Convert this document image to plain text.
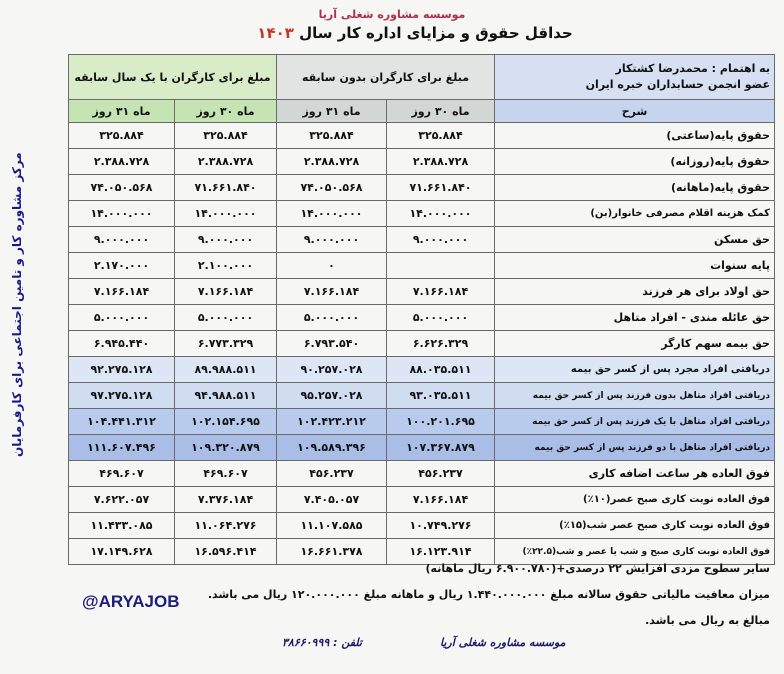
موسسه مشاوره شغلی آریا
حداقل حقوق و مزایای اداره کار سال ۱۴۰۳
مرکز مشاوره کار و تامین اجتماعی برای کارفرمایان
مبلغ برای کارگران با یک سال سابقه		مبلغ برای کارگران بدون سابقه		به اهتمام : محمدرضا کشتکار
عضو انجمن حسابداران خبره ایران

ماه ۳۱ روز	ماه ۳۰ روز	ماه ۳۱ روز	ماه ۳۰ روز	شرح
۳۲۵.۸۸۴	۳۲۵.۸۸۴	۳۲۵.۸۸۴	۳۲۵.۸۸۴	حقوق پایه(ساعتی)
۲.۳۸۸.۷۲۸	۲.۳۸۸.۷۲۸	۲.۳۸۸.۷۲۸	۲.۳۸۸.۷۲۸	حقوق پایه(روزانه)
۷۴.۰۵۰.۵۶۸	۷۱.۶۶۱.۸۴۰	۷۴.۰۵۰.۵۶۸	۷۱.۶۶۱.۸۴۰	حقوق پایه(ماهانه)
۱۴.۰۰۰.۰۰۰	۱۴.۰۰۰.۰۰۰	۱۴.۰۰۰.۰۰۰	۱۴.۰۰۰.۰۰۰	کمک هزینه اقلام مصرفی خانوار(بن)
۹.۰۰۰.۰۰۰	۹.۰۰۰.۰۰۰	۹.۰۰۰.۰۰۰	۹.۰۰۰.۰۰۰	حق مسکن
۲.۱۷۰.۰۰۰	۲.۱۰۰.۰۰۰	۰		پایه سنوات
۷.۱۶۶.۱۸۴	۷.۱۶۶.۱۸۴	۷.۱۶۶.۱۸۴	۷.۱۶۶.۱۸۴	حق اولاد برای هر فرزند
۵.۰۰۰.۰۰۰	۵.۰۰۰.۰۰۰	۵.۰۰۰.۰۰۰	۵.۰۰۰.۰۰۰	حق عائله مندی - افراد متاهل
۶.۹۴۵.۴۴۰	۶.۷۷۳.۳۲۹	۶.۷۹۳.۵۴۰	۶.۶۲۶.۳۲۹	حق بیمه سهم کارگر
۹۲.۲۷۵.۱۲۸	۸۹.۹۸۸.۵۱۱	۹۰.۲۵۷.۰۲۸	۸۸.۰۳۵.۵۱۱	دریافتی افراد مجرد پس از کسر حق بیمه
۹۷.۲۷۵.۱۲۸	۹۴.۹۸۸.۵۱۱	۹۵.۲۵۷.۰۲۸	۹۳.۰۳۵.۵۱۱	دریافتی افراد متاهل بدون فرزند پس از کسر حق بیمه
۱۰۴.۴۴۱.۳۱۲	۱۰۲.۱۵۴.۶۹۵	۱۰۲.۴۲۳.۲۱۲	۱۰۰.۲۰۱.۶۹۵	دریافتی افراد متاهل با یک فرزند پس از کسر حق بیمه
۱۱۱.۶۰۷.۴۹۶	۱۰۹.۳۲۰.۸۷۹	۱۰۹.۵۸۹.۳۹۶	۱۰۷.۳۶۷.۸۷۹	دریافتی افراد متاهل با دو فرزند پس از کسر حق بیمه
۴۶۹.۶۰۷	۴۶۹.۶۰۷	۴۵۶.۲۳۷	۴۵۶.۲۳۷	فوق العاده هر ساعت اضافه کاری
۷.۶۲۲.۰۵۷	۷.۳۷۶.۱۸۴	۷.۴۰۵.۰۵۷	۷.۱۶۶.۱۸۴	فوق العاده نوبت کاری صبح عصر(۱۰٪)
۱۱.۴۳۳.۰۸۵	۱۱.۰۶۴.۲۷۶	۱۱.۱۰۷.۵۸۵	۱۰.۷۴۹.۲۷۶	فوق العاده نوبت کاری صبح عصر شب(۱۵٪)
۱۷.۱۴۹.۶۲۸	۱۶.۵۹۶.۴۱۴	۱۶.۶۶۱.۳۷۸	۱۶.۱۲۳.۹۱۴	فوق العاده نوبت کاری صبح و شب یا عصر و شب(۲۲.۵٪)
سایر سطوح مزدی افزایش ۲۲ درصدی+(۶.۹۰۰.۷۸۰ ریال ماهانه)
میزان معافیت مالیاتی حقوق سالانه مبلغ ۱.۴۴۰.۰۰۰.۰۰۰ ریال و ماهانه مبلغ ۱۲۰.۰۰۰.۰۰۰ ریال می باشد.
مبالغ به ریال می باشد.
@ARYAJOB
موسسه مشاوره شغلی آریا
تلفن : ۳۸۶۶۰۹۹۹
